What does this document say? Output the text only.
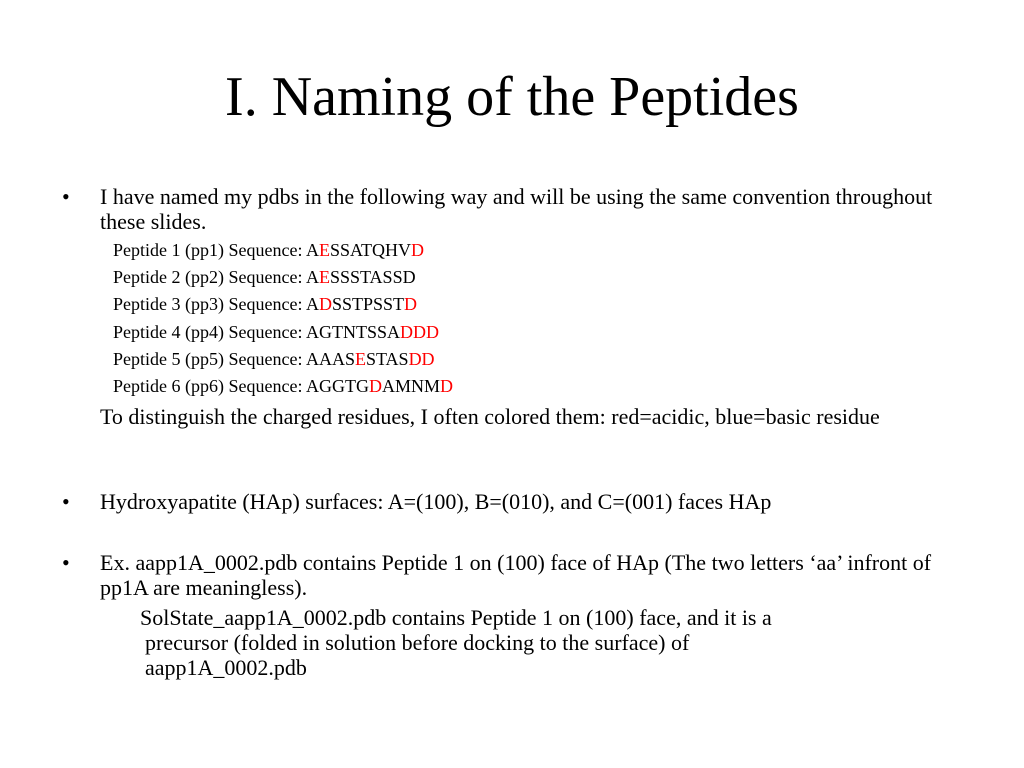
I. Naming of the Peptides
• I have named my pdbs in the following way and will be using the same convention throughout these slides.
Peptide 1 (pp1) Sequence: AESSATQHVD
Peptide 2 (pp2) Sequence: AESSSTASSD
Peptide 3 (pp3) Sequence: ADSSTPSSTD
Peptide 4 (pp4) Sequence: AGTNTSSADDD
Peptide 5 (pp5) Sequence: AAASESTASDD
Peptide 6 (pp6) Sequence: AGGTGDAMNMD
To distinguish the charged residues, I often colored them: red=acidic, blue=basic residue
• Hydroxyapatite (HAp) surfaces: A=(100), B=(010), and C=(001) faces HAp
• Ex. aapp1A_0002.pdb contains Peptide 1 on (100) face of HAp (The two letters ‘aa’ infront of pp1A are meaningless).
SolState_aapp1A_0002.pdb contains Peptide 1 on (100) face, and it is a
precursor (folded in solution before docking to the surface) of
aapp1A_0002.pdb
